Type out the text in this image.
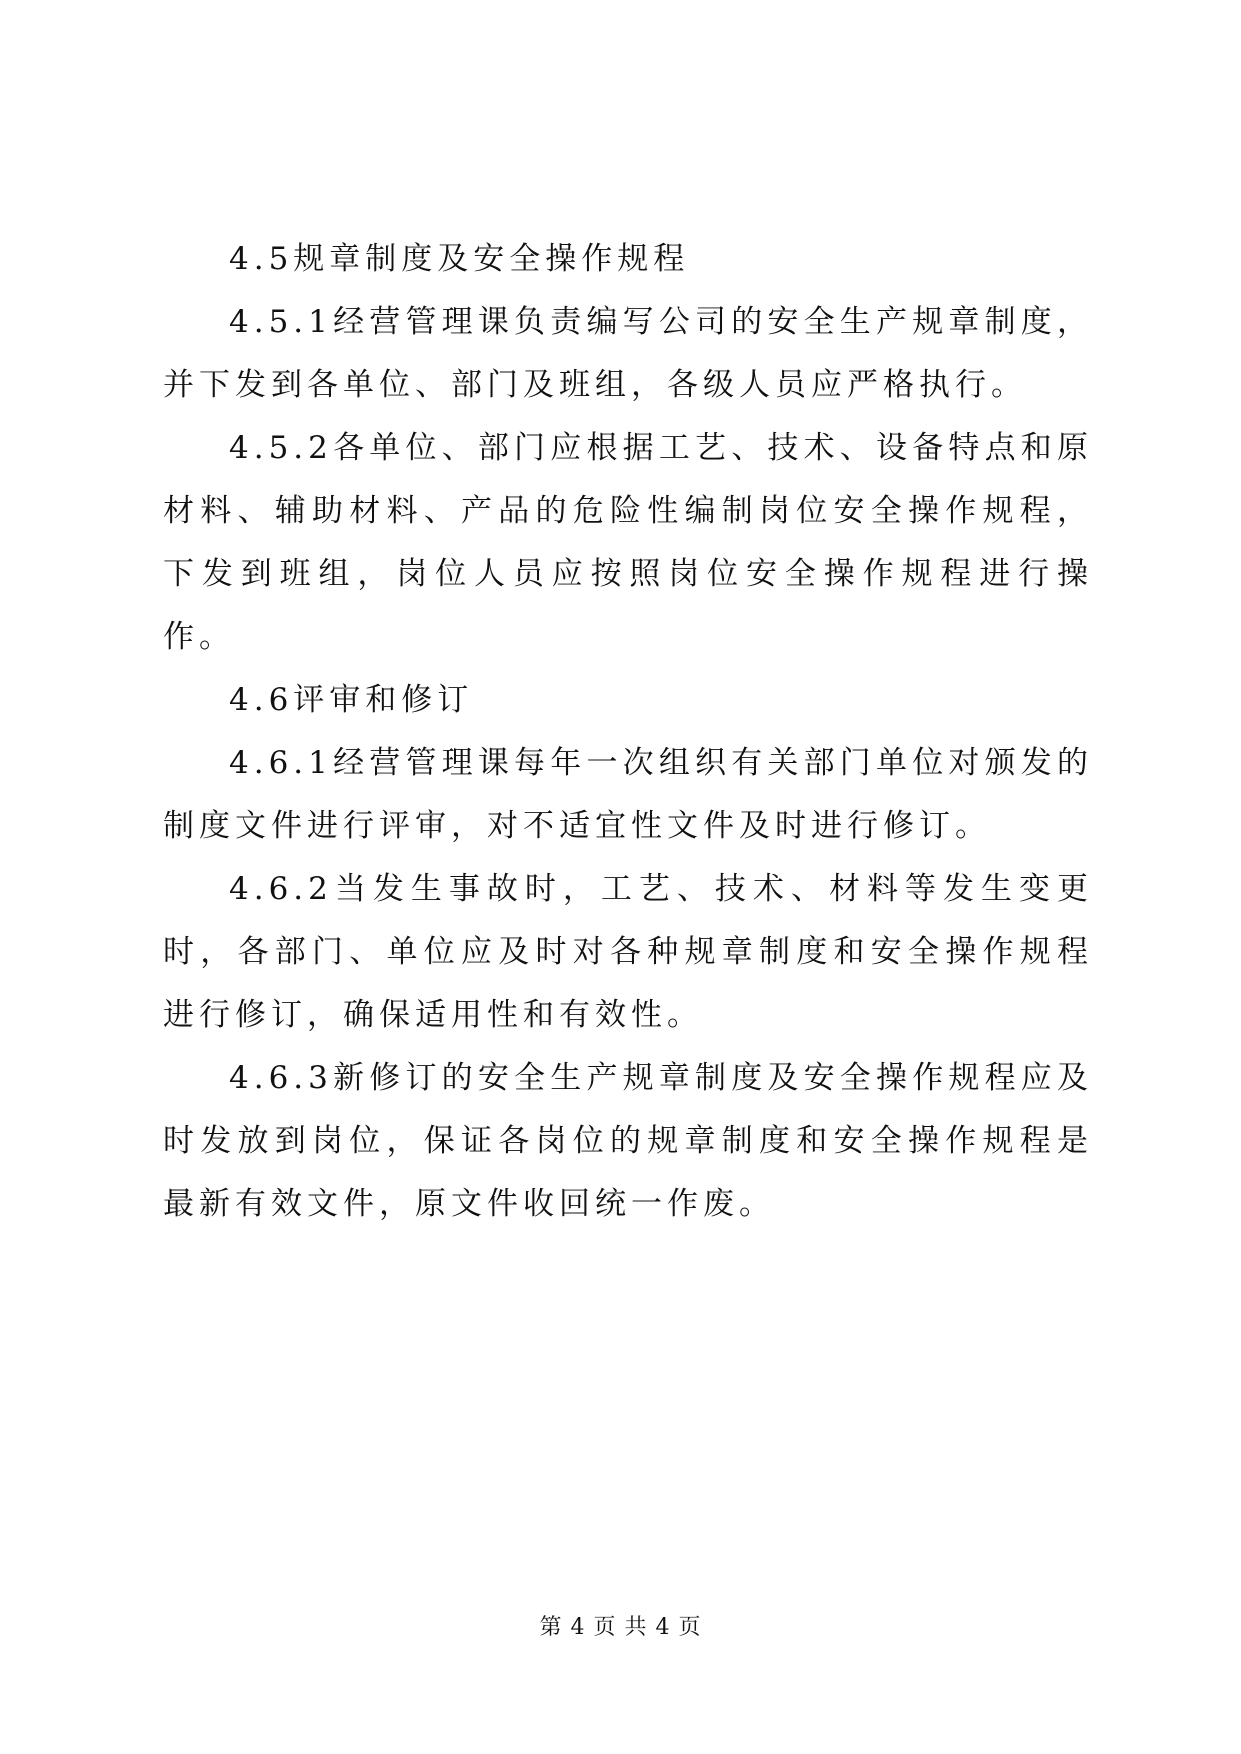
4.5规章制度及安全操作规程

4.5.1经营管理课负责编写公司的安全生产规章制度，并下发到各单位、部门及班组，各级人员应严格执行。

4.5.2各单位、部门应根据工艺、技术、设备特点和原材料、辅助材料、产品的危险性编制岗位安全操作规程，下发到班组，岗位人员应按照岗位安全操作规程进行操作。

4.6评审和修订

4.6.1经营管理课每年一次组织有关部门单位对颁发的制度文件进行评审，对不适宜性文件及时进行修订。

4.6.2当发生事故时，工艺、技术、材料等发生变更时，各部门、单位应及时对各种规章制度和安全操作规程进行修订，确保适用性和有效性。

4.6.3新修订的安全生产规章制度及安全操作规程应及时发放到岗位，保证各岗位的规章制度和安全操作规程是最新有效文件，原文件收回统一作废。

第 4 页 共 4 页
